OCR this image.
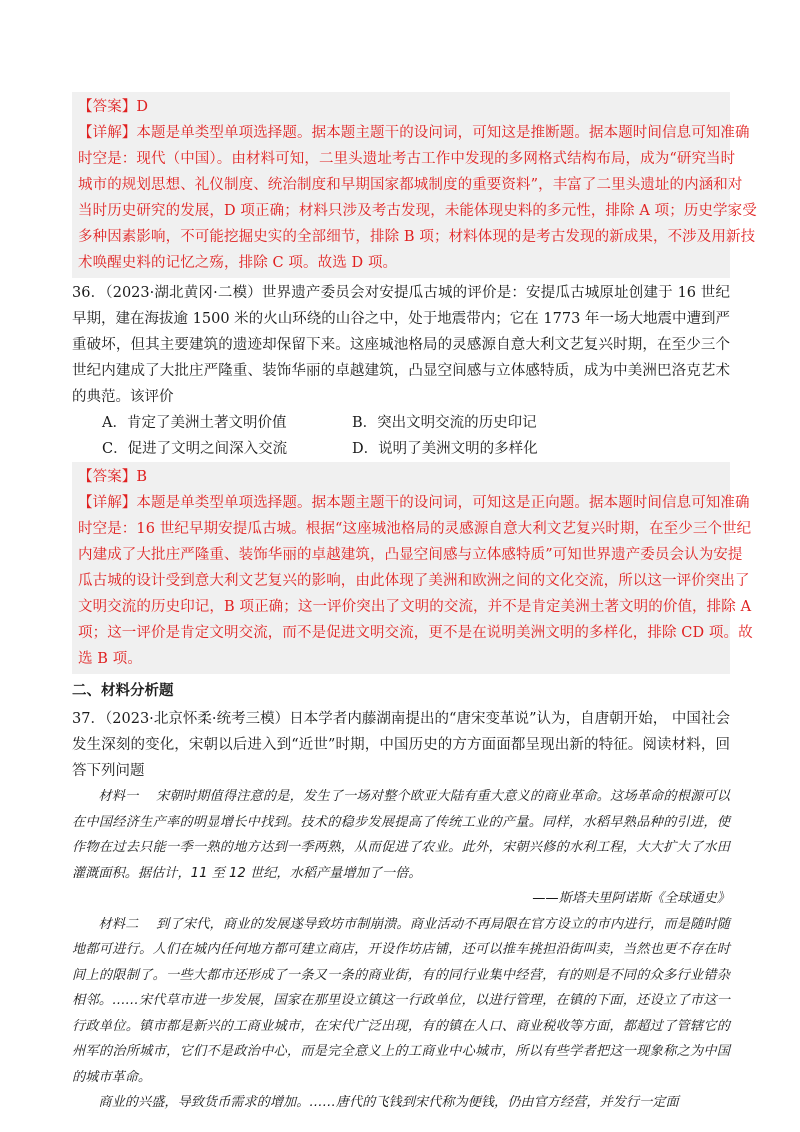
【答案】D
【详解】本题是单类型单项选择题。据本题主题干的设问词，可知这是推断题。据本题时间信息可知准确
时空是：现代（中国）。由材料可知，二里头遗址考古工作中发现的多网格式结构布局，成为“研究当时
城市的规划思想、礼仪制度、统治制度和早期国家都城制度的重要资料”，丰富了二里头遗址的内涵和对
当时历史研究的发展，D 项正确；材料只涉及考古发现，未能体现史料的多元性，排除 A 项；历史学家受
多种因素影响，不可能挖掘史实的全部细节，排除 B 项；材料体现的是考古发现的新成果，不涉及用新技
术唤醒史料的记忆之殇，排除 C 项。故选 D 项。
36．（2023·湖北黄冈·二模）世界遗产委员会对安提瓜古城的评价是：安提瓜古城原址创建于 16 世纪早期，建在海拔逾 1500 米的火山环绕的山谷之中，处于地震带内；它在 1773 年一场大地震中遭到严重破坏，但其主要建筑的遗迹却保留下来。这座城池格局的灵感源自意大利文艺复兴时期，在至少三个世纪内建成了大批庄严隆重、装饰华丽的卓越建筑，凸显空间感与立体感特质，成为中美洲巴洛克艺术的典范。该评价
A．肯定了美洲土著文明价值	B．突出文明交流的历史印记
C．促进了文明之间深入交流	D．说明了美洲文明的多样化
【答案】B
【详解】本题是单类型单项选择题。据本题主题干的设问词，可知这是正向题。据本题时间信息可知准确
时空是：16 世纪早期安提瓜古城。根据“这座城池格局的灵感源自意大利文艺复兴时期，在至少三个世纪
内建成了大批庄严隆重、装饰华丽的卓越建筑，凸显空间感与立体感特质”可知世界遗产委员会认为安提
瓜古城的设计受到意大利文艺复兴的影响，由此体现了美洲和欧洲之间的文化交流，所以这一评价突出了
文明交流的历史印记，B 项正确；这一评价突出了文明的交流，并不是肯定美洲土著文明的价值，排除 A
项；这一评价是肯定文明交流，而不是促进文明交流，更不是在说明美洲文明的多样化，排除 CD 项。故
选 B 项。
二、材料分析题
37．（2023·北京怀柔·统考三模）日本学者内藤湖南提出的“唐宋变革说”认为，自唐朝开始， 中国社会发生深刻的变化，宋朝以后进入到“近世”时期，中国历史的方方面面都呈现出新的特征。阅读材料，回答下列问题

材料一　 宋朝时期值得注意的是，发生了一场对整个欧亚大陆有重大意义的商业革命。这场革命的根源可以在中国经济生产率的明显增长中找到。技术的稳步发展提高了传统工业的产量。同样，水稻早熟品种的引进，使作物在过去只能一季一熟的地方达到一季两熟，从而促进了农业。此外，宋朝兴修的水利工程，大大扩大了水田灌溉面积。据估计，11 至 12 世纪，水稻产量增加了一倍。

——斯塔夫里阿诺斯《全球通史》

材料二　 到了宋代，商业的发展遂导致坊市制崩溃。商业活动不再局限在官方设立的市内进行，而是随时随地都可进行。人们在城内任何地方都可建立商店，开设作坊店铺，还可以推车挑担沿街叫卖，当然也更不存在时间上的限制了。一些大都市还形成了一条又一条的商业街，有的同行业集中经营，有的则是不同的众多行业错杂相邻。……宋代草市进一步发展，国家在那里设立镇这一行政单位，以进行管理，在镇的下面，还设立了市这一行政单位。镇市都是新兴的工商业城市，在宋代广泛出现，有的镇在人口、商业税收等方面，都超过了管辖它的州军的治所城市，它们不是政治中心，而是完全意义上的工商业中心城市，所以有些学者把这一现象称之为中国的城市革命。

商业的兴盛，导致货币需求的增加。……唐代的飞钱到宋代称为便钱，仍由官方经营，并发行一定面
